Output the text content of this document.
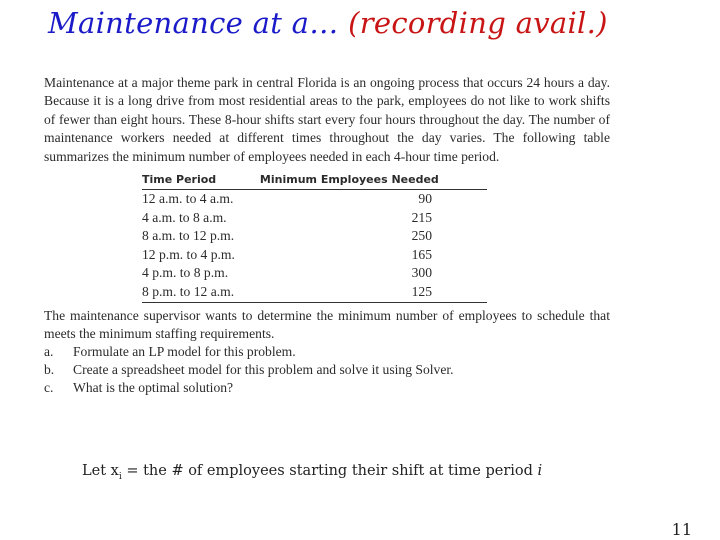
Maintenance at a… (recording avail.)

Maintenance at a major theme park in central Florida is an ongoing process that occurs 24 hours a day. Because it is a long drive from most residential areas to the park, employees do not like to work shifts of fewer than eight hours. These 8-hour shifts start every four hours throughout the day. The number of maintenance workers needed at different times throughout the day varies. The following table summarizes the minimum number of employees needed in each 4-hour time period.

Time Period	Minimum Employees Needed
12 a.m. to 4 a.m.	90
4 a.m. to 8 a.m.	215
8 a.m. to 12 p.m.	250
12 p.m. to 4 p.m.	165
4 p.m. to 8 p.m.	300
8 p.m. to 12 a.m.	125

The maintenance supervisor wants to determine the minimum number of employees to schedule that meets the minimum staffing requirements.

a.	Formulate an LP model for this problem.
b.	Create a spreadsheet model for this problem and solve it using Solver.
c.	What is the optimal solution?
Let $x_i$ = the # of employees starting their shift at time period i
11
